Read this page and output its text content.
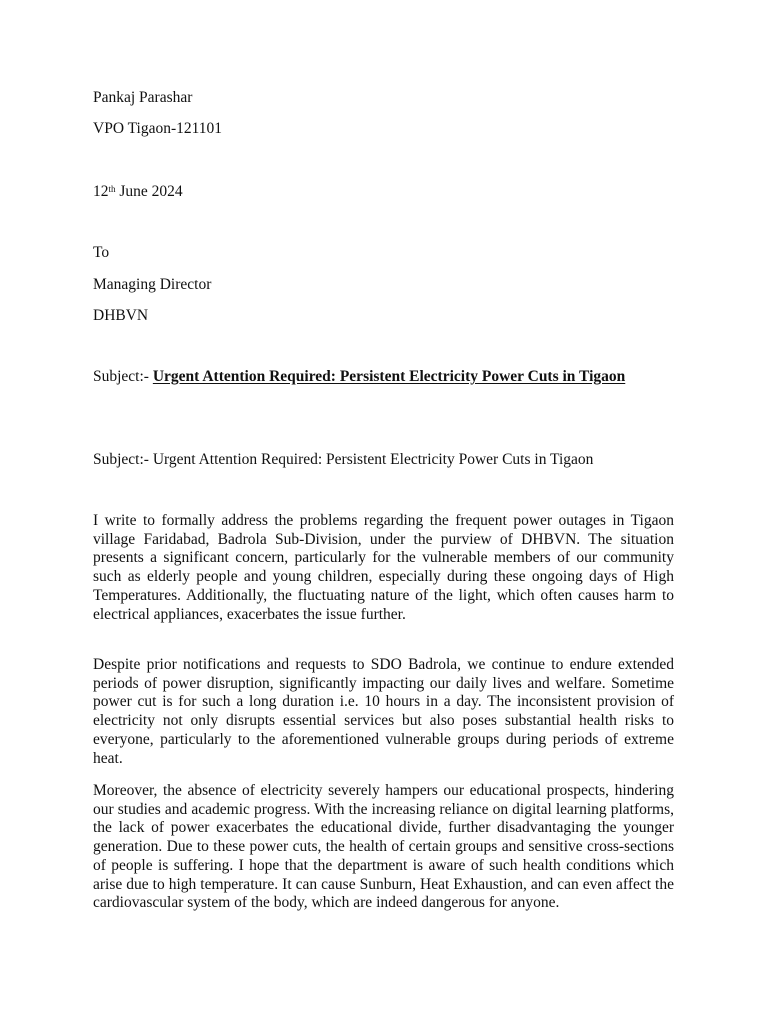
Pankaj Parashar
VPO Tigaon-121101
12th June 2024
To
Managing Director
DHBVN
Subject:- Urgent Attention Required: Persistent Electricity Power Cuts in Tigaon
Subject:- Urgent Attention Required: Persistent Electricity Power Cuts in Tigaon

I write to formally address the problems regarding the frequent power outages in Tigaon village Faridabad, Badrola Sub-Division, under the purview of DHBVN. The situation presents a significant concern, particularly for the vulnerable members of our community such as elderly people and young children, especially during these ongoing days of High Temperatures. Additionally, the fluctuating nature of the light, which often causes harm to electrical appliances, exacerbates the issue further.

Despite prior notifications and requests to SDO Badrola, we continue to endure extended periods of power disruption, significantly impacting our daily lives and welfare. Sometime power cut is for such a long duration i.e. 10 hours in a day. The inconsistent provision of electricity not only disrupts essential services but also poses substantial health risks to everyone, particularly to the aforementioned vulnerable groups during periods of extreme heat.

Moreover, the absence of electricity severely hampers our educational prospects, hindering our studies and academic progress. With the increasing reliance on digital learning platforms, the lack of power exacerbates the educational divide, further disadvantaging the younger generation. Due to these power cuts, the health of certain groups and sensitive cross-sections of people is suffering. I hope that the department is aware of such health conditions which arise due to high temperature. It can cause Sunburn, Heat Exhaustion, and can even affect the cardiovascular system of the body, which are indeed dangerous for anyone.
